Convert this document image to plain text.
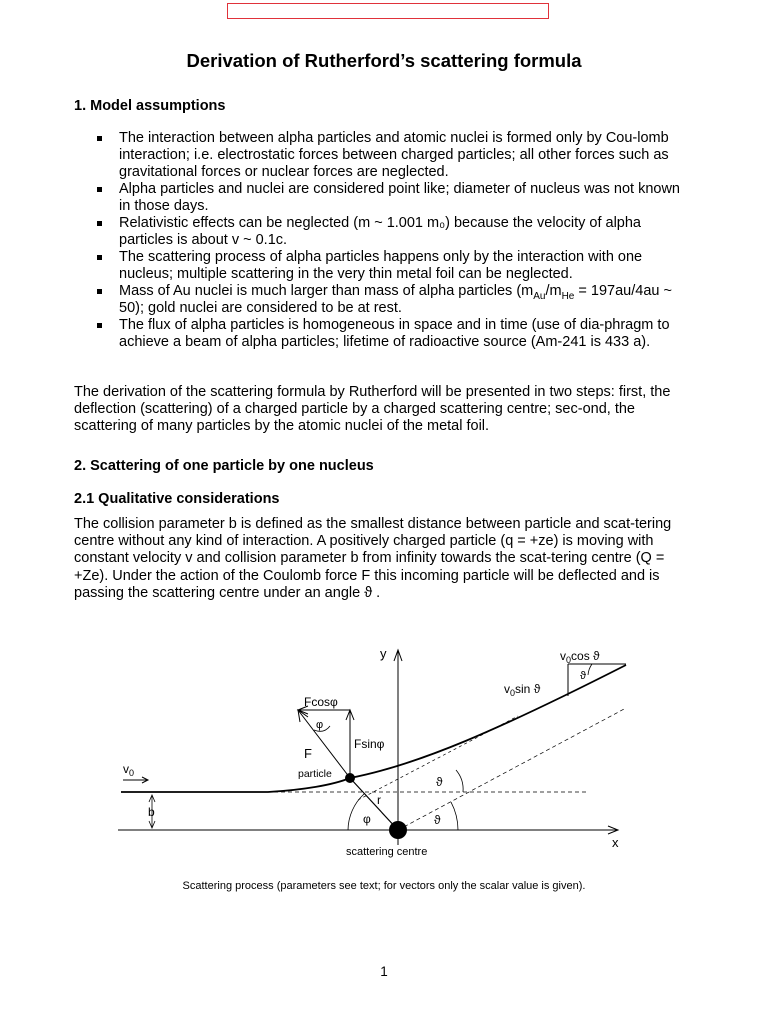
Derivation of Rutherford’s scattering formula
1. Model assumptions
The interaction between alpha particles and atomic nuclei is formed only by Cou-lomb interaction; i.e. electrostatic forces between charged particles; all other forces such as gravitational forces or nuclear forces are neglected.
Alpha particles and nuclei are considered point like; diameter of nucleus was not known in those days.
Relativistic effects can be neglected (m ~ 1.001 m₀) because the velocity of alpha particles is about v ~ 0.1c.
The scattering process of alpha particles happens only by the interaction with one nucleus; multiple scattering in the very thin metal foil can be neglected.
Mass of Au nuclei is much larger than mass of alpha particles ($m_{Au}/m_{He} = 197au/4au$ ~ 50); gold nuclei are considered to be at rest.
The flux of alpha particles is homogeneous in space and in time (use of dia-phragm to achieve a beam of alpha particles; lifetime of radioactive source (Am-241 is 433 a).

The derivation of the scattering formula by Rutherford will be presented in two steps: first, the deflection (scattering) of a charged particle by a charged scattering centre; sec-ond, the scattering of many particles by the atomic nuclei of the metal foil.

2. Scattering of one particle by one nucleus
2.1 Qualitative considerations

The collision parameter b is defined as the smallest distance between particle and scat-tering centre without any kind of interaction. A positively charged particle (q = +ze) is moving with constant velocity v and collision parameter b from infinity towards the scat-tering centre (Q = +Ze). Under the action of the Coulomb force F this incoming particle will be deflected and is passing the scattering centre under an angle ϑ .

x
y
r
F
Fcosφ
Fsinφ
φ
particle
scattering centre
φ	ϑ
ϑ
b
$v_0$
ϑ
$v_0\cos$ ϑ
$v_0\sin$ ϑ
Scattering process (parameters see text; for vectors only the scalar value is given).
1
